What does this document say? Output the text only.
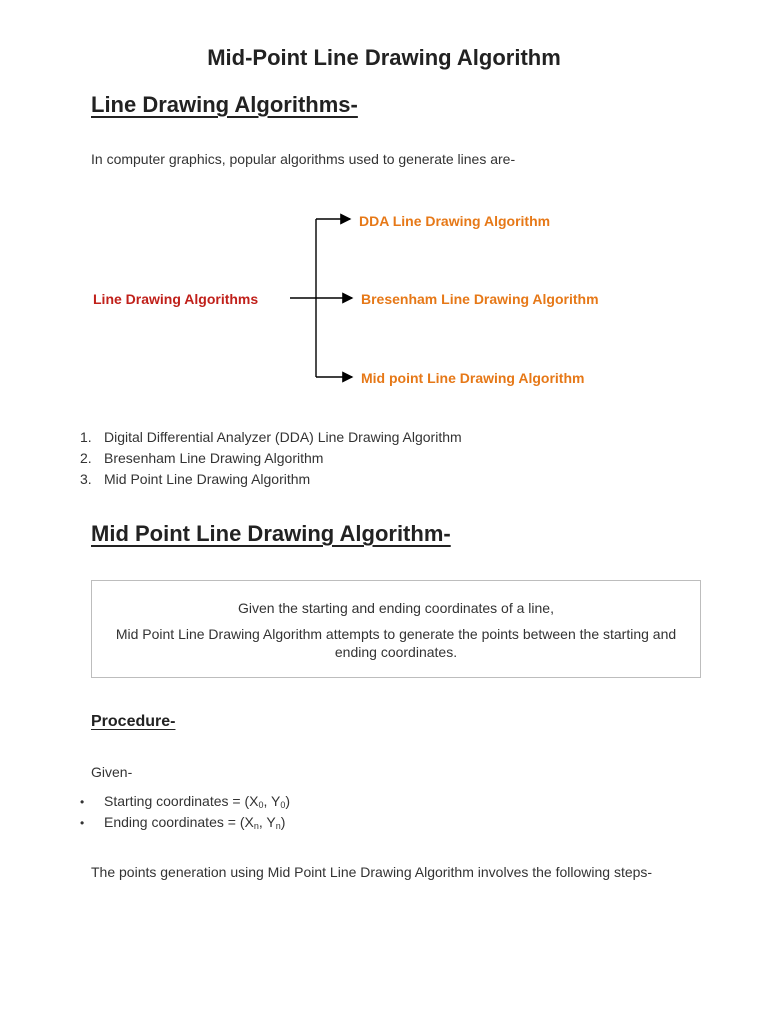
Mid-Point Line Drawing Algorithm
Line Drawing Algorithms-
In computer graphics, popular algorithms used to generate lines are-
Line Drawing Algorithms
DDA Line Drawing Algorithm
Bresenham Line Drawing Algorithm
Mid point Line Drawing Algorithm
1. Digital Differential Analyzer (DDA) Line Drawing Algorithm
2. Bresenham Line Drawing Algorithm
3. Mid Point Line Drawing Algorithm
Mid Point Line Drawing Algorithm-
Given the starting and ending coordinates of a line,
Mid Point Line Drawing Algorithm attempts to generate the points between the starting and ending coordinates.
Procedure-
Given-
• Starting coordinates = ($X_0$, $Y_0$)
• Ending coordinates = ($X_n$, $Y_n$)
The points generation using Mid Point Line Drawing Algorithm involves the following steps-
